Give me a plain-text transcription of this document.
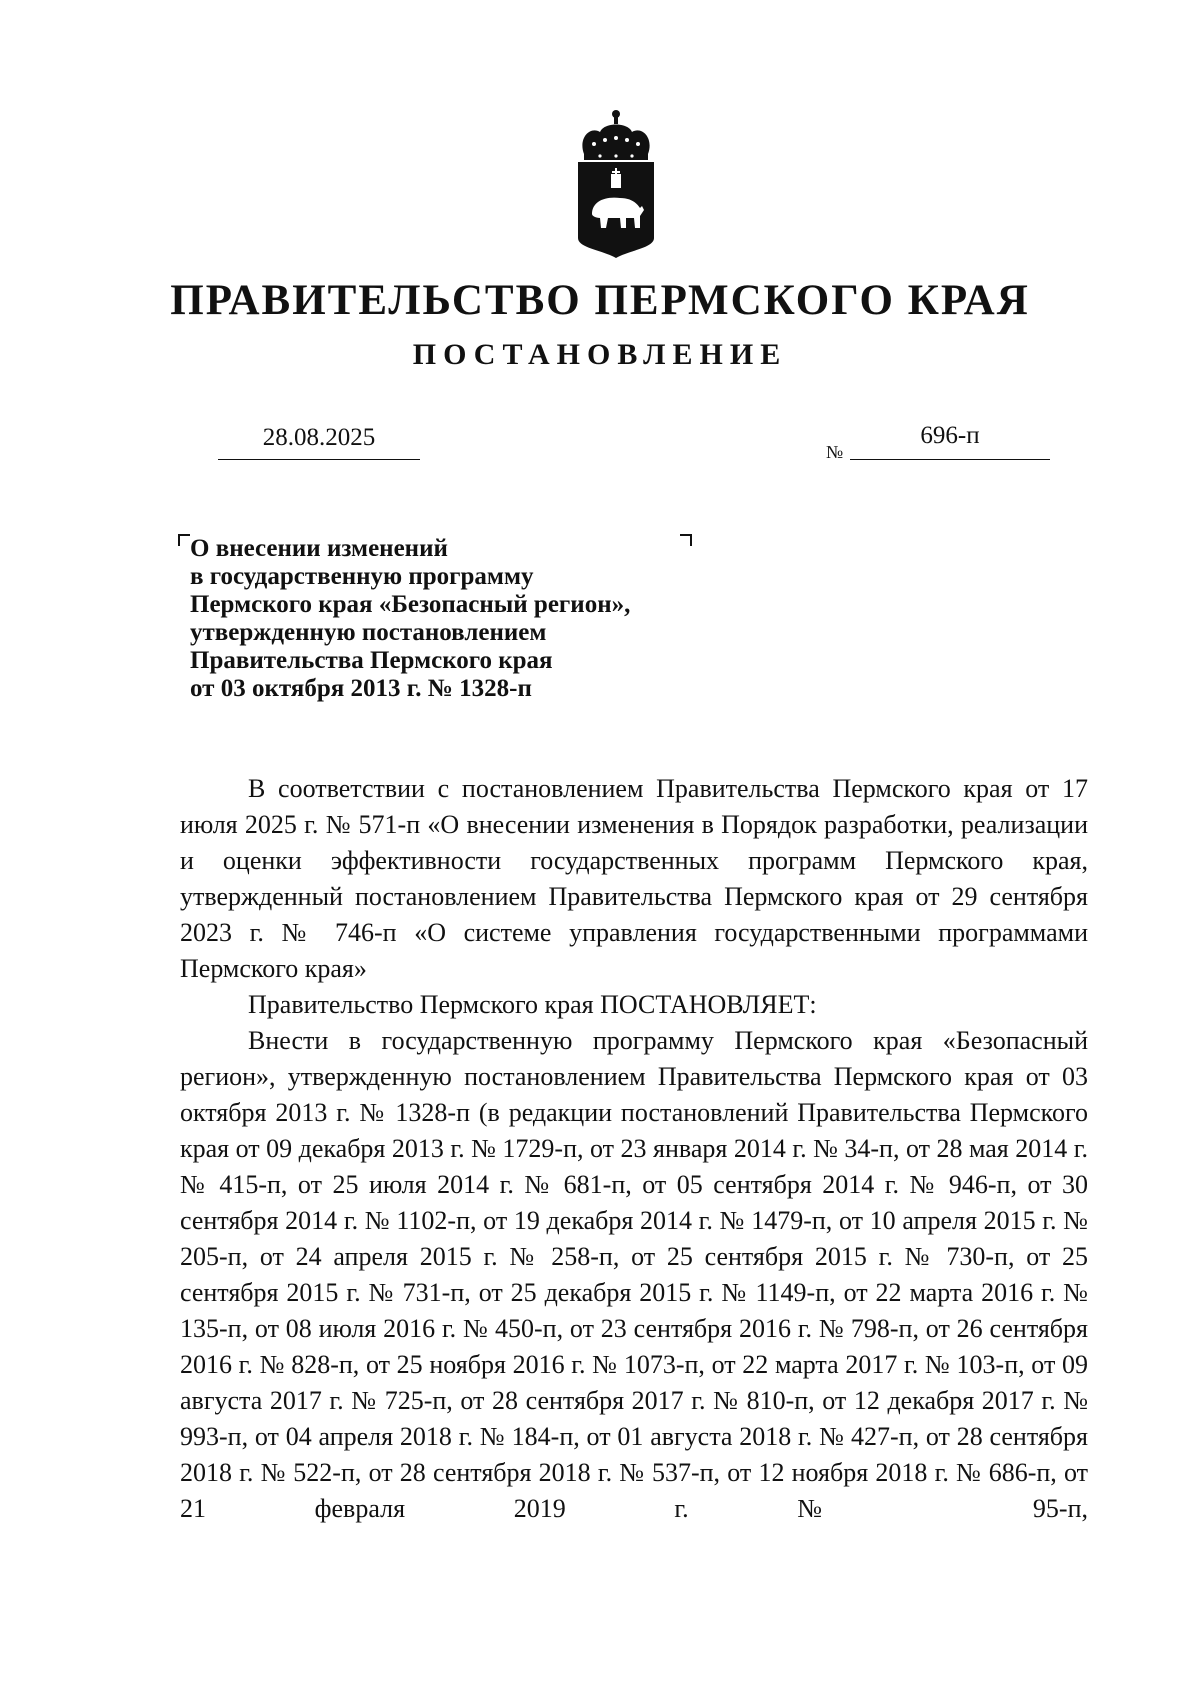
ПРАВИТЕЛЬСТВО ПЕРМСКОГО КРАЯ
ПОСТАНОВЛЕНИЕ
28.08.2025
№
696-п
О внесении изменений
в государственную программу
Пермского края «Безопасный регион»,
утвержденную постановлением
Правительства Пермского края
от 03 октября 2013 г. № 1328-п

В соответствии с постановлением Правительства Пермского края от 17 июля 2025 г. № 571-п «О внесении изменения в Порядок разработки, реализации и оценки эффективности государственных программ Пермского края, утвержденный постановлением Правительства Пермского края от 29 сентября 2023 г. № 746-п «О системе управления государственными программами Пермского края»

Правительство Пермского края ПОСТАНОВЛЯЕТ:

Внести в государственную программу Пермского края «Безопасный регион», утвержденную постановлением Правительства Пермского края от 03 октября 2013 г. № 1328-п (в редакции постановлений Правительства Пермского края от 09 декабря 2013 г. № 1729-п, от 23 января 2014 г. № 34-п, от 28 мая 2014 г. № 415-п, от 25 июля 2014 г. № 681-п, от 05 сентября 2014 г. № 946-п, от 30 сентября 2014 г. № 1102-п, от 19 декабря 2014 г. № 1479-п, от 10 апреля 2015 г. № 205-п, от 24 апреля 2015 г. № 258-п, от 25 сентября 2015 г. № 730-п, от 25 сентября 2015 г. № 731-п, от 25 декабря 2015 г. № 1149-п, от 22 марта 2016 г. № 135-п, от 08 июля 2016 г. № 450-п, от 23 сентября 2016 г. № 798-п, от 26 сентября 2016 г. № 828-п, от 25 ноября 2016 г. № 1073-п, от 22 марта 2017 г. № 103-п, от 09 августа 2017 г. № 725-п, от 28 сентября 2017 г. № 810-п, от 12 декабря 2017 г. № 993-п, от 04 апреля 2018 г. № 184-п, от 01 августа 2018 г. № 427-п, от 28 сентября 2018 г. № 522-п, от 28 сентября 2018 г. № 537-п, от 12 ноября 2018 г. № 686-п, от 21 февраля 2019 г. № 95-п,
